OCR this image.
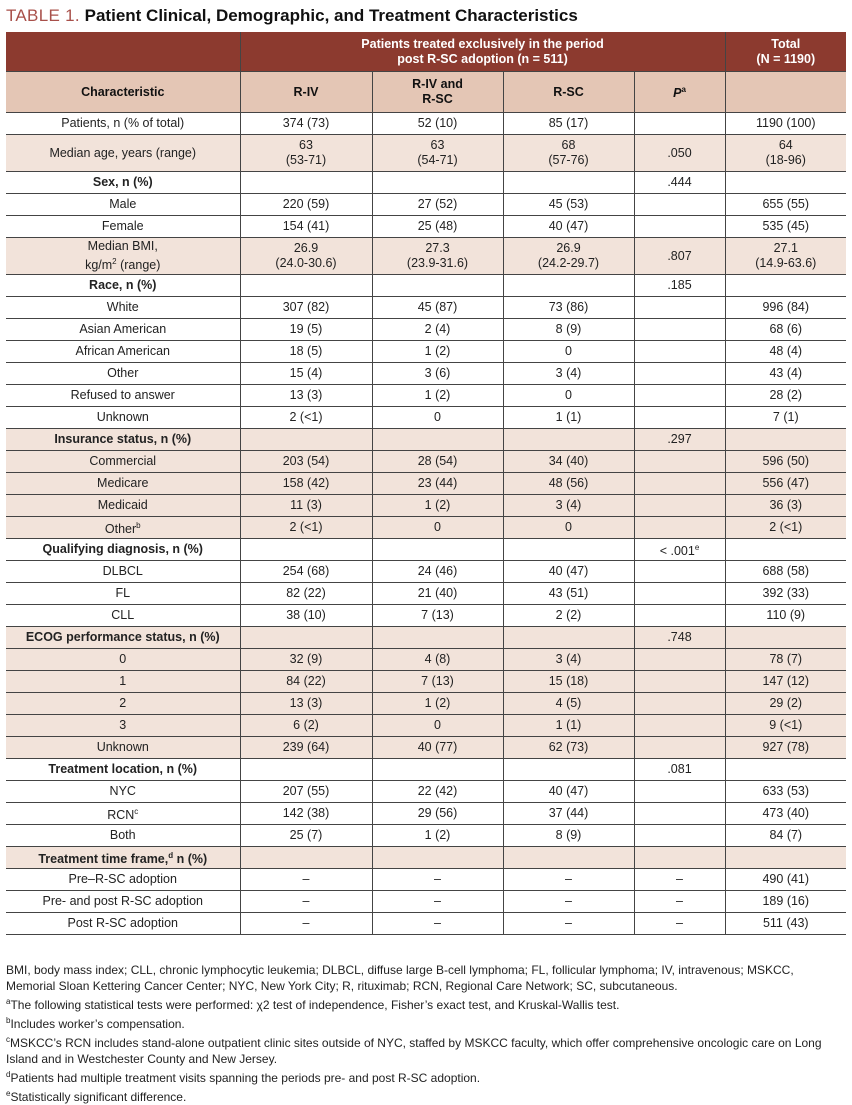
TABLE 1. Patient Clinical, Demographic, and Treatment Characteristics
	Patients treated exclusively in the period
post R-SC adoption (n = 511)				Total
(N = 1190)
Characteristic	R-IV	R-IV and
R-SC	R-SC	$P^a$	
Patients, n (% of total)	374 (73)	52 (10)	85 (17)		1190 (100)
Median age, years (range)	63
(53-71)	63
(54-71)	68
(57-76)	.050	64
(18-96)
Sex, n (%)				.444	
Male	220 (59)	27 (52)	45 (53)		655 (55)
Female	154 (41)	25 (48)	40 (47)		535 (45)
Median BMI,
$kg/m^2$ (range)	26.9
(24.0-30.6)	27.3
(23.9-31.6)	26.9
(24.2-29.7)	.807	27.1
(14.9-63.6)
Race, n (%)				.185	
White	307 (82)	45 (87)	73 (86)		996 (84)
Asian American	19 (5)	2 (4)	8 (9)		68 (6)
African American	18 (5)	1 (2)	0		48 (4)
Other	15 (4)	3 (6)	3 (4)		43 (4)
Refused to answer	13 (3)	1 (2)	0		28 (2)
Unknown	2 (<1)	0	1 (1)		7 (1)
Insurance status, n (%)				.297	
Commercial	203 (54)	28 (54)	34 (40)		596 (50)
Medicare	158 (42)	23 (44)	48 (56)		556 (47)
Medicaid	11 (3)	1 (2)	3 (4)		36 (3)
Other$^b$	2 (<1)	0	0		2 (<1)
Qualifying diagnosis, n (%)				< .001$^e$	
DLBCL	254 (68)	24 (46)	40 (47)		688 (58)
FL	82 (22)	21 (40)	43 (51)		392 (33)
CLL	38 (10)	7 (13)	2 (2)		110 (9)
ECOG performance status, n (%)				.748	
0	32 (9)	4 (8)	3 (4)		78 (7)
1	84 (22)	7 (13)	15 (18)		147 (12)
2	13 (3)	1 (2)	4 (5)		29 (2)
3	6 (2)	0	1 (1)		9 (<1)
Unknown	239 (64)	40 (77)	62 (73)		927 (78)
Treatment location, n (%)				.081	
NYC	207 (55)	22 (42)	40 (47)		633 (53)
RCN$^c$	142 (38)	29 (56)	37 (44)		473 (40)
Both	25 (7)	1 (2)	8 (9)		84 (7)
Treatment time frame,$^d$ n (%)					
Pre–R-SC adoption	–	–	–	–	490 (41)
Pre- and post R-SC adoption	–	–	–	–	189 (16)
Post R-SC adoption	–	–	–	–	511 (43)

BMI, body mass index; CLL, chronic lymphocytic leukemia; DLBCL, diffuse large B-cell lymphoma; FL, follicular lymphoma; IV, intravenous; MSKCC, Memorial Sloan Kettering Cancer Center; NYC, New York City; R, rituximab; RCN, Regional Care Network; SC, subcutaneous.

$^a$The following statistical tests were performed: χ2 test of independence, Fisher’s exact test, and Kruskal-Wallis test.

$^b$Includes worker’s compensation.

$^c$MSKCC’s RCN includes stand-alone outpatient clinic sites outside of NYC, staffed by MSKCC faculty, which offer comprehensive oncologic care on Long Island and in Westchester County and New Jersey.

$^d$Patients had multiple treatment visits spanning the periods pre- and post R-SC adoption.

$^e$Statistically significant difference.
